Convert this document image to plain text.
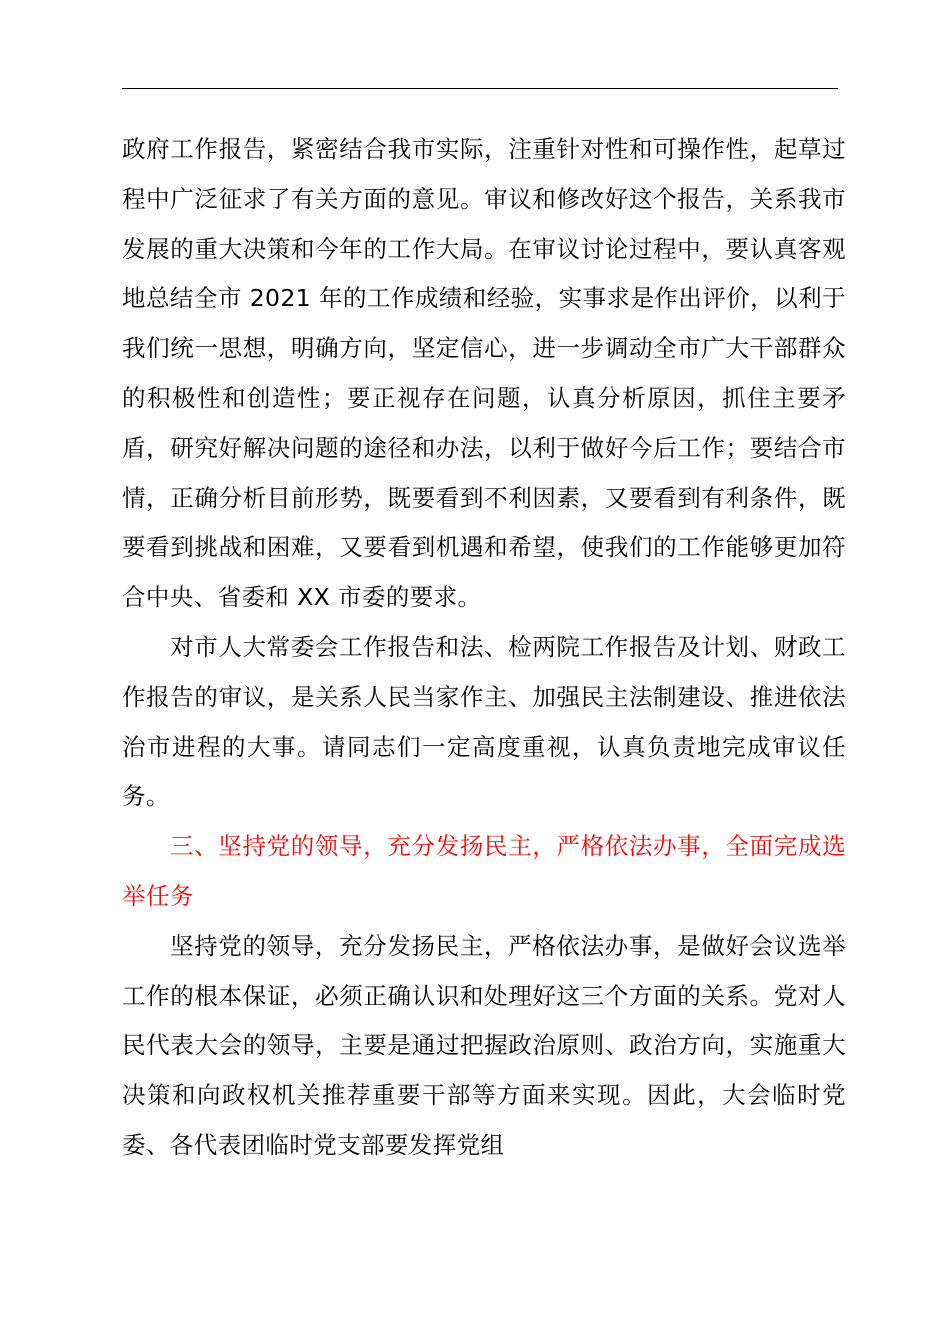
政府工作报告，紧密结合我市实际，注重针对性和可操作性，起草过程中广泛征求了有关方面的意见。审议和修改好这个报告，关系我市发展的重大决策和今年的工作大局。在审议讨论过程中，要认真客观地总结全市 2021 年的工作成绩和经验，实事求是作出评价，以利于我们统一思想，明确方向，坚定信心，进一步调动全市广大干部群众的积极性和创造性；要正视存在问题，认真分析原因，抓住主要矛盾，研究好解决问题的途径和办法，以利于做好今后工作；要结合市情，正确分析目前形势，既要看到不利因素，又要看到有利条件，既要看到挑战和困难，又要看到机遇和希望，使我们的工作能够更加符合中央、省委和 XX 市委的要求。

对市人大常委会工作报告和法、检两院工作报告及计划、财政工作报告的审议，是关系人民当家作主、加强民主法制建设、推进依法治市进程的大事。请同志们一定高度重视，认真负责地完成审议任务。

三、坚持党的领导，充分发扬民主，严格依法办事，全面完成选举任务

坚持党的领导，充分发扬民主，严格依法办事，是做好会议选举工作的根本保证，必须正确认识和处理好这三个方面的关系。党对人民代表大会的领导，主要是通过把握政治原则、政治方向，实施重大决策和向政权机关推荐重要干部等方面来实现。因此，大会临时党委、各代表团临时党支部要发挥党组
